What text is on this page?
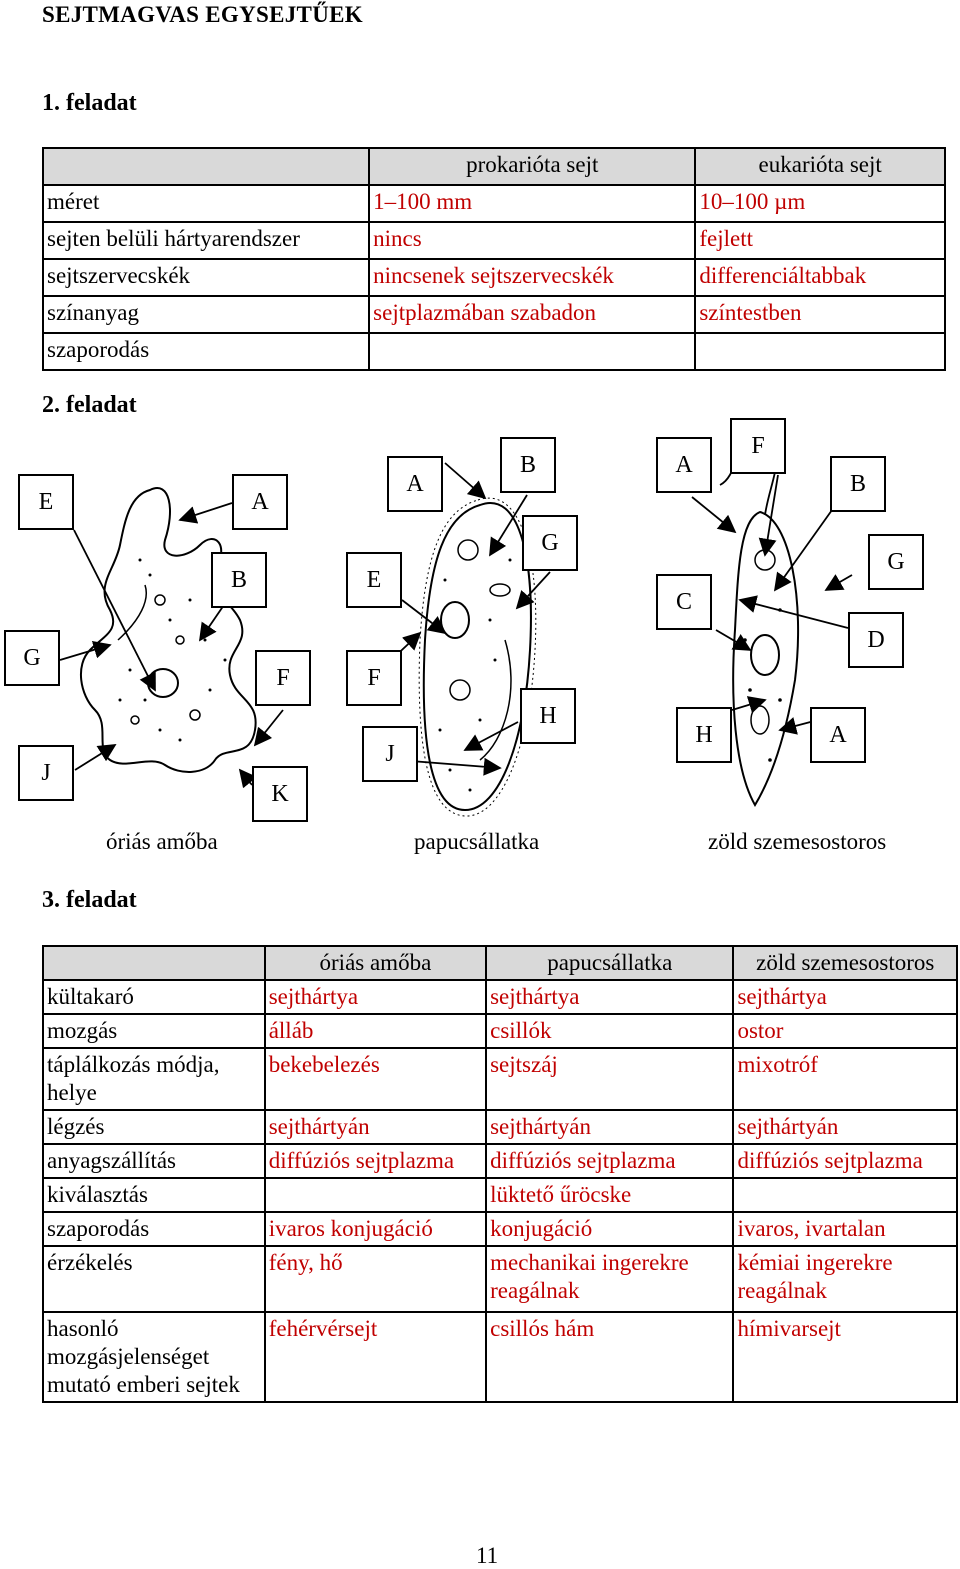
SEJTMAGVAS EGYSEJTŰEK
1. feladat
	prokarióta sejt	eukarióta sejt
méret	1–100 mm	10–100 µm
sejten belüli hártyarendszer	nincs	fejlett
sejtszervecskék	nincsenek sejtszervecskék	differenciáltabbak
színanyag	sejtplazmában szabadon	színtestben
szaporodás		
2. feladat
E	A
B
G
F
J
K
A
B
G
E
F
J
H
A
F
B
G
C
D
H	A
óriás amőba	papucsállatka	zöld szemesostoros
3. feladat
	óriás amőba	papucsállatka	zöld szemesostoros
kültakaró	sejthártya	sejthártya	sejthártya
mozgás	álláb	csillók	ostor
táplálkozás módja, helye	bekebelezés	sejtszáj	mixotróf
légzés	sejthártyán	sejthártyán	sejthártyán
anyagszállítás	diffúziós sejtplazma	diffúziós sejtplazma	diffúziós sejtplazma
kiválasztás		lüktető űröcske	
szaporodás	ivaros konjugáció	konjugáció	ivaros, ivartalan
érzékelés	fény, hő	mechanikai ingerekre reagálnak	kémiai ingerekre reagálnak
hasonló mozgásjelenséget mutató emberi sejtek	fehérvérsejt	csillós hám	hímivarsejt
11
